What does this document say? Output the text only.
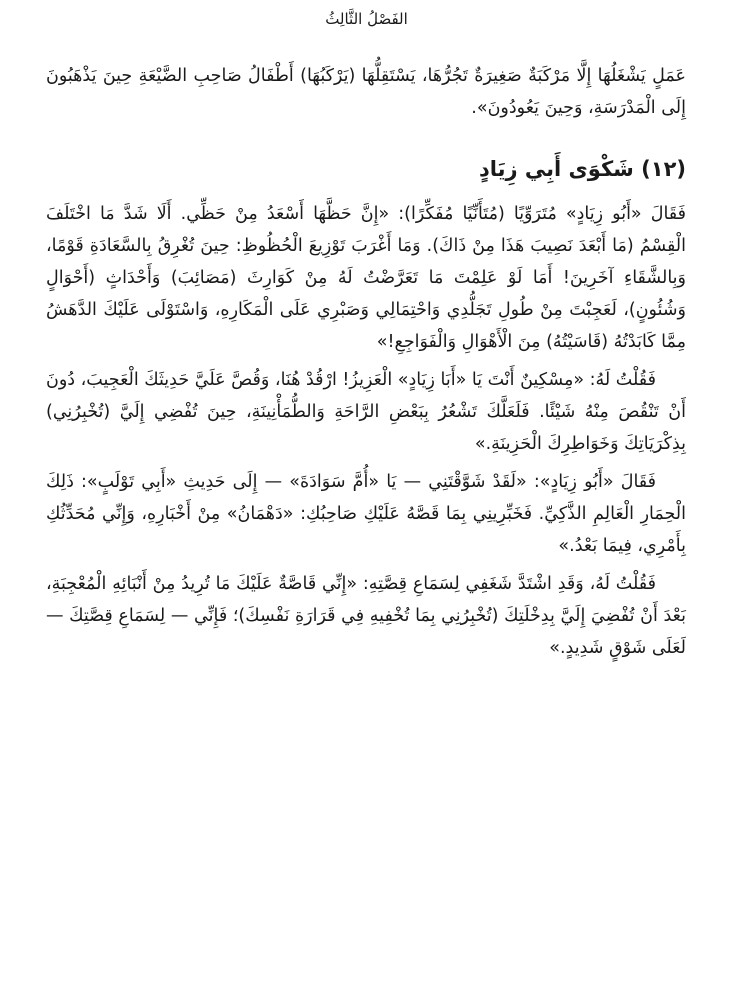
الفَصْلُ الثَّالِثُ

عَمَلٍ يَشْغَلُهَا إِلَّا مَرْكَبَةٌ صَغِيرَةٌ تَجُرُّهَا، يَسْتَقِلُّهَا (يَرْكَبُهَا) أَطْفَالُ صَاحِبِ الضَّيْعَةِ حِينَ يَذْهَبُونَ إِلَى الْمَدْرَسَةِ، وَحِينَ يَعُودُونَ».

(١٢) شَكْوَى أَبِي زِيَادٍ

فَقَالَ «أَبُو زِيَادٍ» مُتَرَوِّيًا (مُتَأَنِّيًا مُفَكِّرًا): «إِنَّ حَظَّهَا أَسْعَدُ مِنْ حَظِّي. أَلَا شَدَّ مَا اخْتَلَفَ الْقِسْمُ (مَا أَبْعَدَ نَصِيبَ هَذَا مِنْ ذَاكَ). وَمَا أَغْرَبَ تَوْزِيعَ الْحُظُوظِ: حِينَ تُغْرِقُ بِالسَّعَادَةِ قَوْمًا، وَبِالشَّقَاءِ آخَرِينَ! أَمَا لَوْ عَلِمْتَ مَا تَعَرَّضْتُ لَهُ مِنْ كَوَارِثَ (مَصَائِبَ) وَأَحْدَاثٍ (أَحْوَالٍ وَشُئُونٍ)، لَعَجِبْتَ مِنْ طُولِ تَجَلُّدِي وَاحْتِمَالِي وَصَبْرِي عَلَى الْمَكَارِهِ، وَاسْتَوْلَى عَلَيْكَ الدَّهَشُ مِمَّا كَابَدْتُهُ (قَاسَيْتُهُ) مِنَ الْأَهْوَالِ وَالْفَوَاجِعِ!»

فَقُلْتُ لَهُ: «مِسْكِينٌ أَنْتَ يَا «أَبَا زِيَادٍ» الْعَزِيزُ! ارْقُدْ هُنَا، وَقُصَّ عَلَيَّ حَدِيثَكَ الْعَجِيبَ، دُونَ أَنْ تَنْقُصَ مِنْهُ شَيْئًا. فَلَعَلَّكَ تَشْعُرُ بِبَعْضِ الرَّاحَةِ وَالطُّمَأْنِينَةِ، حِينَ تُفْضِي إِلَيَّ (تُخْبِرُنِي) بِذِكْرَيَاتِكَ وَخَوَاطِرِكَ الْحَزِينَةِ.»

فَقَالَ «أَبُو زِيَادٍ»: «لَقَدْ شَوَّقْتَنِي — يَا «أُمَّ سَوَادَةَ» — إِلَى حَدِيثِ «أَبِي تَوْلَبٍ»: ذَلِكَ الْحِمَارِ الْعَالِمِ الذَّكِيِّ. فَخَبِّرِينِي بِمَا قَصَّهُ عَلَيْكِ صَاحِبُكِ: «دَهْمَانُ» مِنْ أَخْبَارِهِ، وَإِنِّي مُحَدِّثُكِ بِأَمْرِي، فِيمَا بَعْدُ.»

فَقُلْتُ لَهُ، وَقَدِ اشْتَدَّ شَغَفِي لِسَمَاعِ قِصَّتِهِ: «إِنِّي قَاصَّةٌ عَلَيْكَ مَا تُرِيدُ مِنْ أَنْبَائِهِ الْمُعْجِبَةِ، بَعْدَ أَنْ تُفْضِيَ إِلَيَّ بِدِخْلَتِكَ (تُخْبِرُنِي بِمَا تُخْفِيهِ فِي قَرَارَةِ نَفْسِكَ)؛ فَإِنِّي — لِسَمَاعِ قِصَّتِكَ — لَعَلَى شَوْقٍ شَدِيدٍ.»
